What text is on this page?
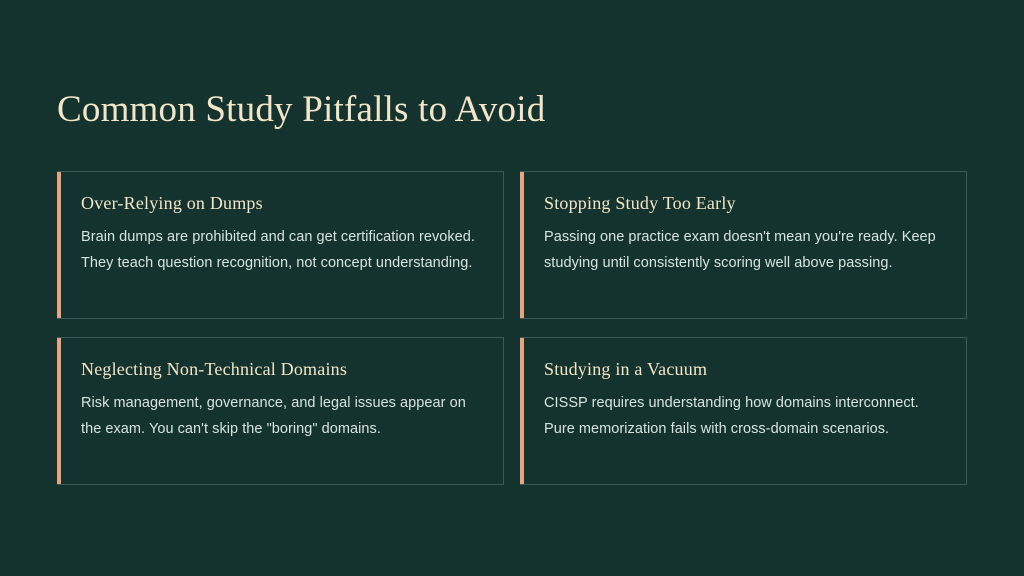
Common Study Pitfalls to Avoid
Over-Relying on Dumps
Brain dumps are prohibited and can get certification revoked. They teach question recognition, not concept understanding.
Stopping Study Too Early
Passing one practice exam doesn't mean you're ready. Keep studying until consistently scoring well above passing.
Neglecting Non-Technical Domains
Risk management, governance, and legal issues appear on the exam. You can't skip the "boring" domains.
Studying in a Vacuum
CISSP requires understanding how domains interconnect. Pure memorization fails with cross-domain scenarios.
